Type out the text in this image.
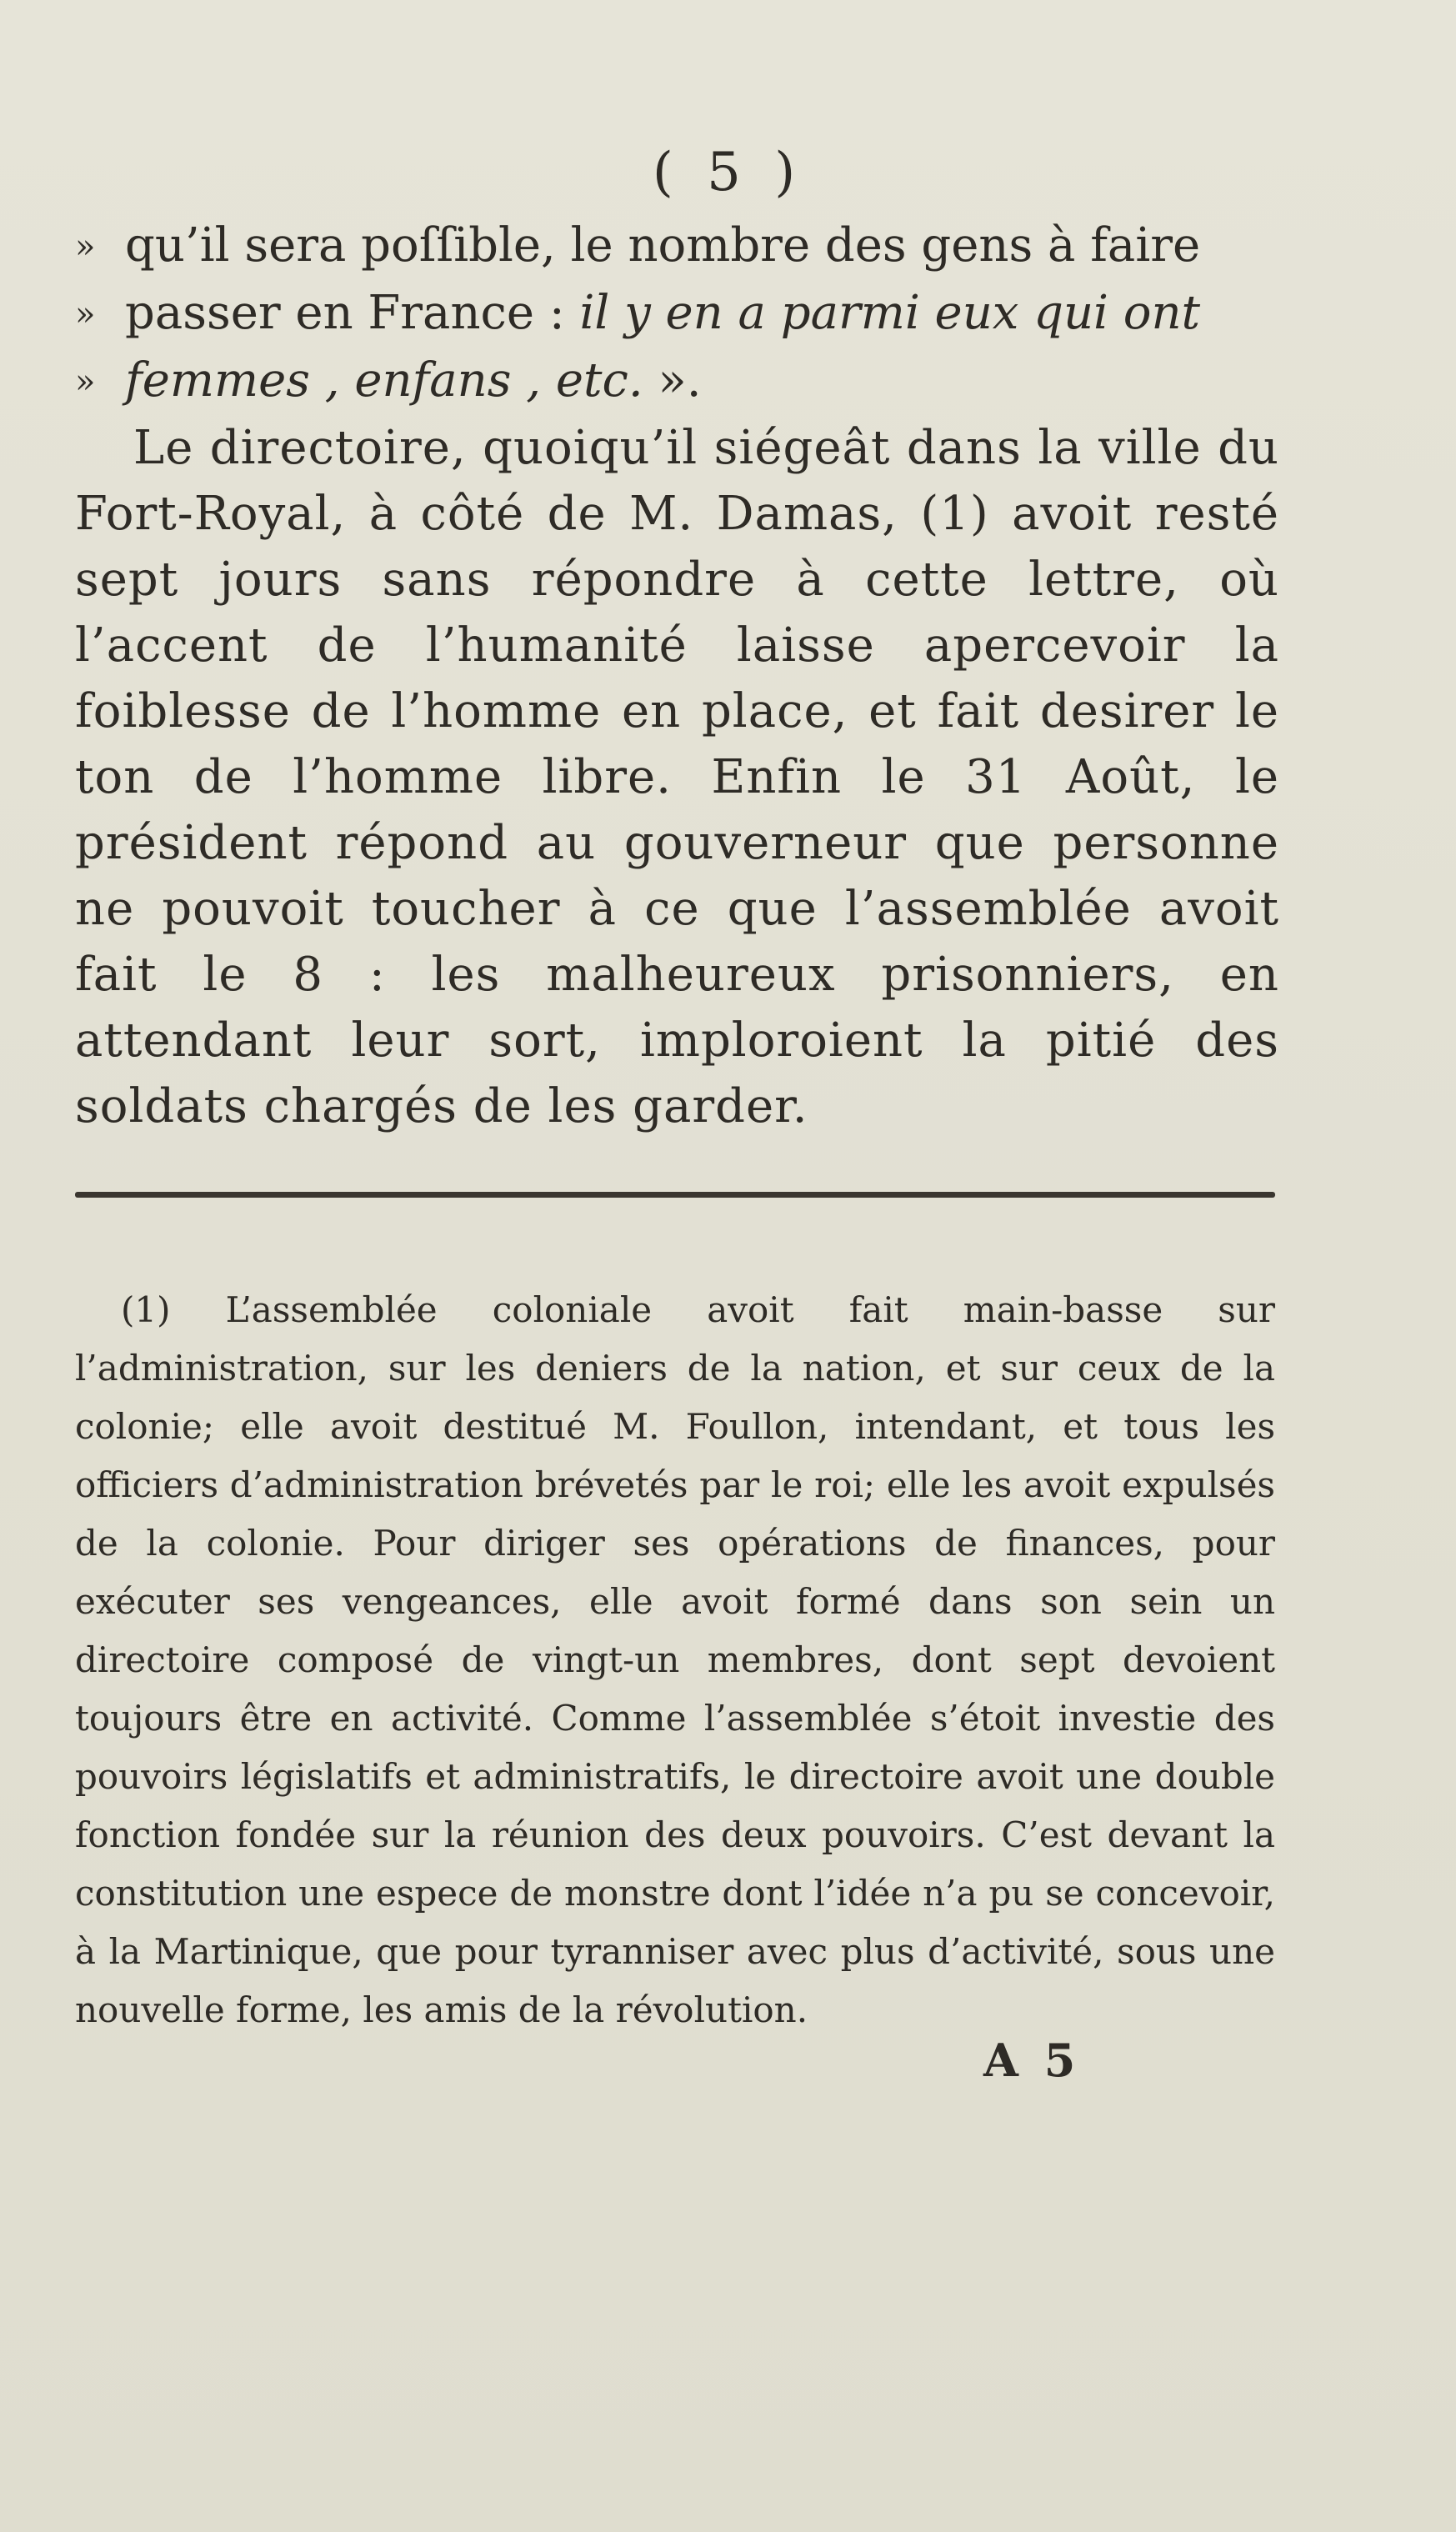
( 5 )
» qu’il sera poſſible, le nombre des gens à faire
» passer en France : il y en a parmi eux qui ont
» femmes , enfans , etc. ».

Le directoire, quoiqu’il siégeât dans la ville du Fort-Royal, à côté de M. Damas, (1) avoit resté sept jours sans répondre à cette lettre, où l’accent de l’humanité laisse apercevoir la foiblesse de l’homme en place, et fait desirer le ton de l’homme libre. Enfin le 31 Août, le président répond au gouverneur que personne ne pouvoit toucher à ce que l’assemblée avoit fait le 8 : les malheureux prisonniers, en attendant leur sort, imploroient la pitié des soldats chargés de les garder.

(1) L’assemblée coloniale avoit fait main-basse sur l’administration, sur les deniers de la nation, et sur ceux de la colonie; elle avoit destitué M. Foullon, intendant, et tous les officiers d’administration brévetés par le roi; elle les avoit expulsés de la colonie. Pour diriger ses opérations de finances, pour exécuter ses vengeances, elle avoit formé dans son sein un directoire composé de vingt-un membres, dont sept devoient toujours être en activité. Comme l’assemblée s’étoit investie des pouvoirs législatifs et administratifs, le directoire avoit une double fonction fondée sur la réunion des deux pouvoirs. C’est devant la constitution une espece de monstre dont l’idée n’a pu se concevoir, à la Martinique, que pour tyranniser avec plus d’activité, sous une nouvelle forme, les amis de la révolution.

A 5
